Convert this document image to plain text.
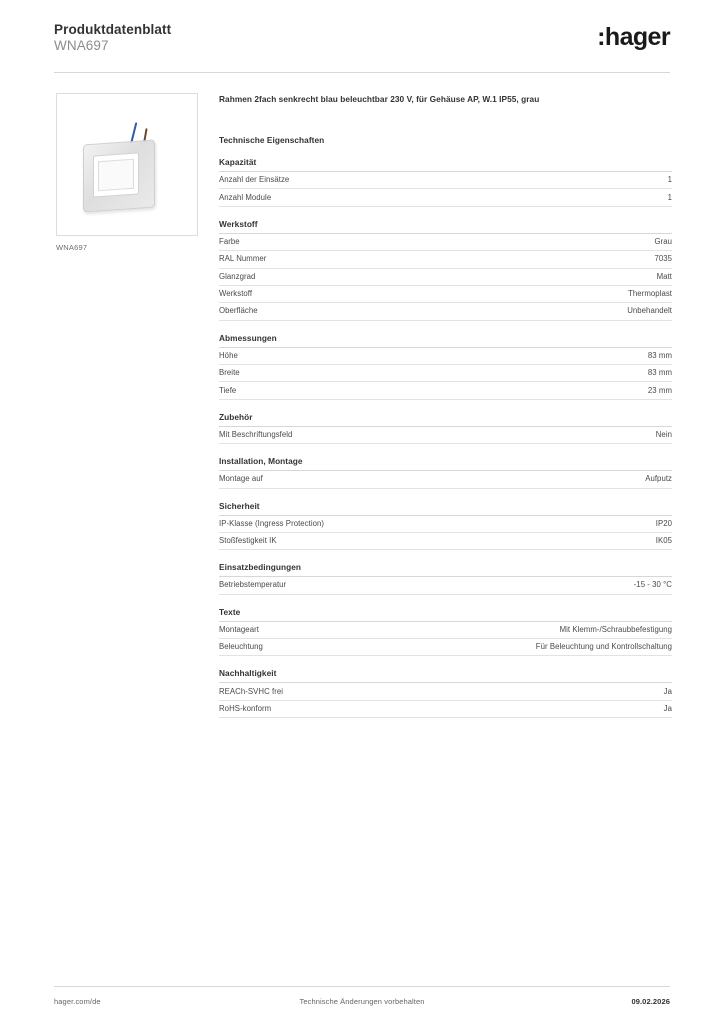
Produktdatenblatt
WNA697	:hager
WNA697
Rahmen 2fach senkrecht blau beleuchtbar 230 V, für Gehäuse AP, W.1 IP55, grau
Technische Eigenschaften
Kapazität
Anzahl der Einsätze	1
Anzahl Module	1
Werkstoff
Farbe	Grau
RAL Nummer	7035
Glanzgrad	Matt
Werkstoff	Thermoplast
Oberfläche	Unbehandelt
Abmessungen
Höhe	83 mm
Breite	83 mm
Tiefe	23 mm
Zubehör
Mit Beschriftungsfeld	Nein
Installation, Montage
Montage auf	Aufputz
Sicherheit
IP-Klasse (Ingress Protection)	IP20
Stoßfestigkeit IK	IK05
Einsatzbedingungen
Betriebstemperatur	-15 - 30 °C
Texte
Montageart	Mit Klemm-/Schraubbefestigung
Beleuchtung	Für Beleuchtung und Kontrollschaltung
Nachhaltigkeit
REACh-SVHC frei	Ja
RoHS-konform	Ja
hager.com/de	Technische Änderungen vorbehalten	09.02.2026
